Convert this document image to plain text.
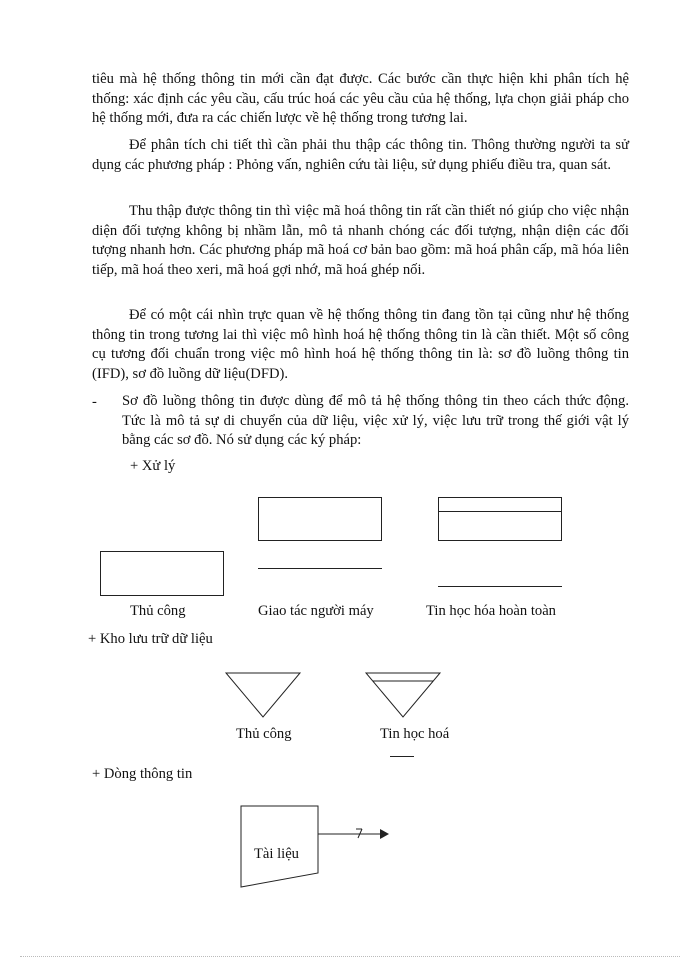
tiêu mà hệ thống thông tin mới cần đạt được. Các bước cần thực hiện khi phân tích hệ thống: xác định các yêu cầu, cấu trúc hoá các yêu cầu của hệ thống, lựa chọn giải pháp cho hệ thống mới, đưa ra các chiến lược về hệ thống trong tương lai.

Để phân tích chi tiết thì cần phải thu thập các thông tin. Thông thường người ta sử dụng các phương pháp : Phỏng vấn, nghiên cứu tài liệu, sử dụng phiếu điều tra, quan sát.

Thu thập được thông tin thì việc mã hoá thông tin rất cần thiết nó giúp cho việc nhận diện đối tượng không bị nhầm lẫn, mô tả nhanh chóng các đối tượng, nhận diện các đối tượng nhanh hơn. Các phương pháp mã hoá cơ bản bao gồm: mã hoá phân cấp, mã hóa liên tiếp, mã hoá theo xeri, mã hoá gợi nhớ, mã hoá ghép nối.

Để có một cái nhìn trực quan về hệ thống thông tin đang tồn tại cũng như hệ thống thông tin trong tương lai thì việc mô hình hoá hệ thống thông tin là cần thiết. Một số công cụ tương đối chuẩn trong việc mô hình hoá hệ thống thông tin là: sơ đồ luồng thông tin (IFD), sơ đồ luồng dữ liệu(DFD).

- Sơ đồ luồng thông tin được dùng để mô tả hệ thống thông tin theo cách thức động. Tức là mô tả sự di chuyển của dữ liệu, việc xử lý, việc lưu trữ trong thế giới vật lý bằng các sơ đồ. Nó sử dụng các ký pháp:

+ Xử lý
Thủ công	Giao tác người máy	Tin học hóa hoàn toàn
+ Kho lưu trữ dữ liệu
Thủ công	Tin học hoá
+ Dòng thông tin
Tài liệu
